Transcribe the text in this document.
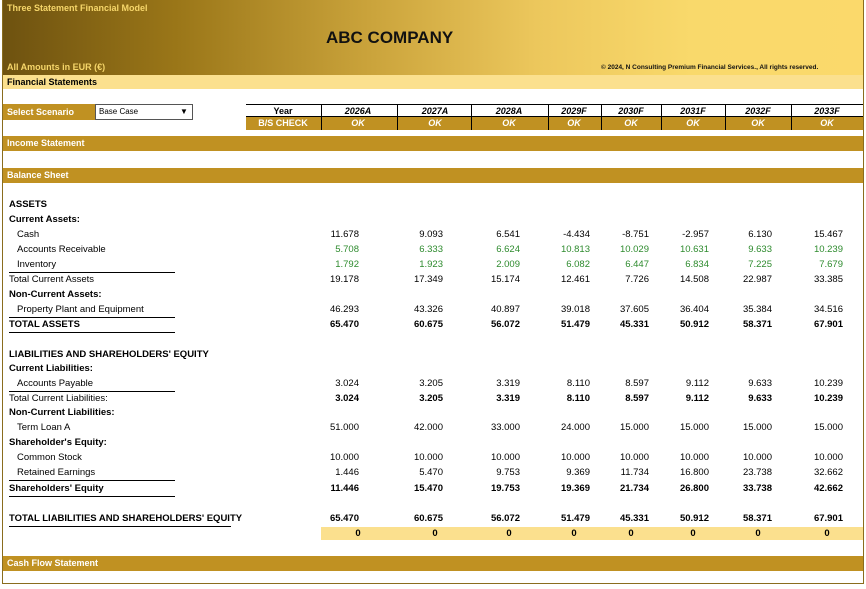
Three Statement Financial Model
ABC COMPANY
All Amounts in EUR (€)	© 2024, N Consulting Premium Financial Services., All rights reserved.
Financial Statements
Select Scenario	Base Case	▼	Year	2026A	2027A	2028A	2029F	2030F	2031F	2032F	2033F
B/S CHECK	OK	OK	OK	OK	OK	OK	OK	OK
Income Statement
Balance Sheet
ASSETS
Current Assets:
Cash	11.678	9.093	6.541	-4.434	-8.751	-2.957	6.130	15.467
Accounts Receivable	5.708	6.333	6.624	10.813	10.029	10.631	9.633	10.239
Inventory	1.792	1.923	2.009	6.082	6.447	6.834	7.225	7.679
Total Current Assets	19.178	17.349	15.174	12.461	7.726	14.508	22.987	33.385
Non-Current Assets:
Property Plant and Equipment	46.293	43.326	40.897	39.018	37.605	36.404	35.384	34.516
TOTAL ASSETS	65.470	60.675	56.072	51.479	45.331	50.912	58.371	67.901
LIABILITIES AND SHAREHOLDERS' EQUITY
Current Liabilities:
Accounts Payable	3.024	3.205	3.319	8.110	8.597	9.112	9.633	10.239
Total Current Liabilities:	3.024	3.205	3.319	8.110	8.597	9.112	9.633	10.239
Non-Current Liabilities:
Term Loan A	51.000	42.000	33.000	24.000	15.000	15.000	15.000	15.000
Shareholder's Equity:
Common Stock	10.000	10.000	10.000	10.000	10.000	10.000	10.000	10.000
Retained Earnings	1.446	5.470	9.753	9.369	11.734	16.800	23.738	32.662
Shareholders' Equity	11.446	15.470	19.753	19.369	21.734	26.800	33.738	42.662
TOTAL LIABILITIES AND SHAREHOLDERS' EQUITY	65.470	60.675	56.072	51.479	45.331	50.912	58.371	67.901
0	0	0	0	0	0	0	0
Cash Flow Statement
